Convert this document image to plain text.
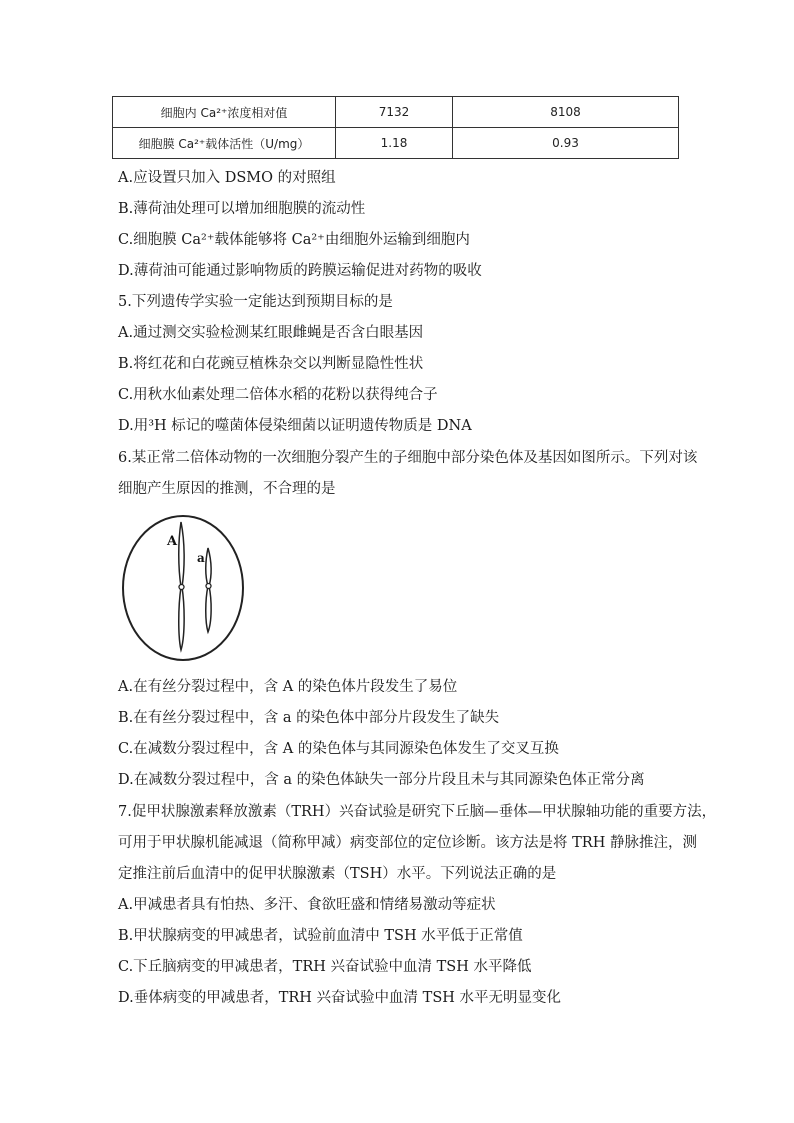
细胞内 Ca²⁺浓度相对值	7132	8108
细胞膜 Ca²⁺载体活性（U/mg）	1.18	0.93
A.应设置只加入 DSMO 的对照组
B.薄荷油处理可以增加细胞膜的流动性
C.细胞膜 Ca²⁺载体能够将 Ca²⁺由细胞外运输到细胞内
D.薄荷油可能通过影响物质的跨膜运输促进对药物的吸收
5.下列遗传学实验一定能达到预期目标的是
A.通过测交实验检测某红眼雌蝇是否含白眼基因
B.将红花和白花豌豆植株杂交以判断显隐性性状
C.用秋水仙素处理二倍体水稻的花粉以获得纯合子
D.用³H 标记的噬菌体侵染细菌以证明遗传物质是 DNA
6.某正常二倍体动物的一次细胞分裂产生的子细胞中部分染色体及基因如图所示。下列对该
细胞产生原因的推测，不合理的是
A
a
A.在有丝分裂过程中，含 A 的染色体片段发生了易位
B.在有丝分裂过程中，含 a 的染色体中部分片段发生了缺失
C.在减数分裂过程中，含 A 的染色体与其同源染色体发生了交叉互换
D.在减数分裂过程中，含 a 的染色体缺失一部分片段且未与其同源染色体正常分离
7.促甲状腺激素释放激素（TRH）兴奋试验是研究下丘脑—垂体—甲状腺轴功能的重要方法，
可用于甲状腺机能减退（简称甲减）病变部位的定位诊断。该方法是将 TRH 静脉推注，测
定推注前后血清中的促甲状腺激素（TSH）水平。下列说法正确的是
A.甲减患者具有怕热、多汗、食欲旺盛和情绪易激动等症状
B.甲状腺病变的甲减患者，试验前血清中 TSH 水平低于正常值
C.下丘脑病变的甲减患者，TRH 兴奋试验中血清 TSH 水平降低
D.垂体病变的甲减患者，TRH 兴奋试验中血清 TSH 水平无明显变化
